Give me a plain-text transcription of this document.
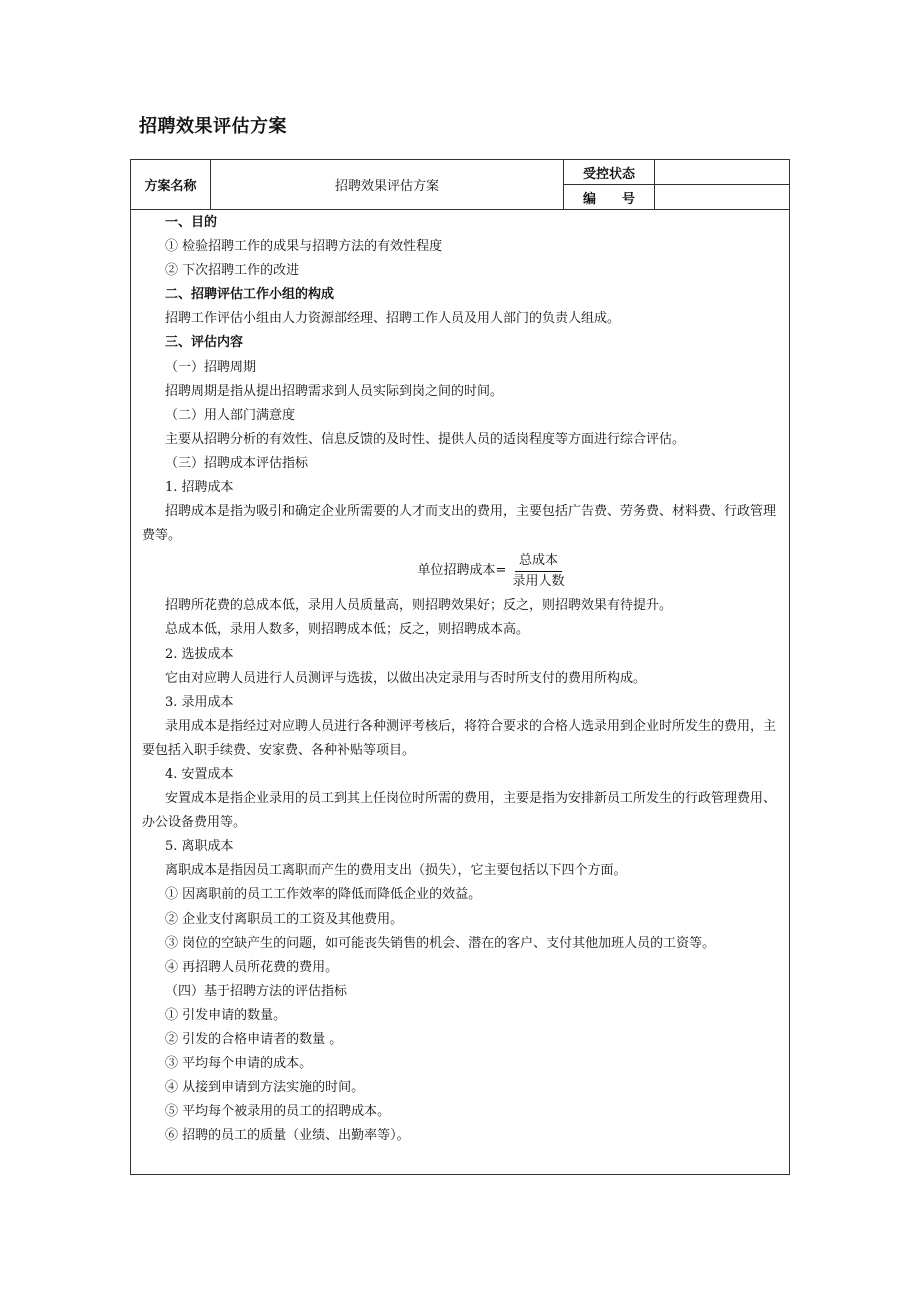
招聘效果评估方案
方案名称	招聘效果评估方案
受控状态
编　　号

一、目的

① 检验招聘工作的成果与招聘方法的有效性程度

② 下次招聘工作的改进

二、招聘评估工作小组的构成

招聘工作评估小组由人力资源部经理、招聘工作人员及用人部门的负责人组成。

三、评估内容

（一）招聘周期

招聘周期是指从提出招聘需求到人员实际到岗之间的时间。

（二）用人部门满意度

主要从招聘分析的有效性、信息反馈的及时性、提供人员的适岗程度等方面进行综合评估。

（三）招聘成本评估指标

1. 招聘成本

招聘成本是指为吸引和确定企业所需要的人才而支出的费用，主要包括广告费、劳务费、材料费、行政管理费等。

单位招聘成本= $\frac{\text{总成本}}{\text{录用人数}}$

招聘所花费的总成本低，录用人员质量高，则招聘效果好；反之，则招聘效果有待提升。

总成本低，录用人数多，则招聘成本低；反之，则招聘成本高。

2. 选拔成本

它由对应聘人员进行人员测评与选拔，以做出决定录用与否时所支付的费用所构成。

3. 录用成本

录用成本是指经过对应聘人员进行各种测评考核后，将符合要求的合格人选录用到企业时所发生的费用，主要包括入职手续费、安家费、各种补贴等项目。

4. 安置成本

安置成本是指企业录用的员工到其上任岗位时所需的费用，主要是指为安排新员工所发生的行政管理费用、办公设备费用等。

5. 离职成本

离职成本是指因员工离职而产生的费用支出（损失），它主要包括以下四个方面。

① 因离职前的员工工作效率的降低而降低企业的效益。

② 企业支付离职员工的工资及其他费用。

③ 岗位的空缺产生的问题，如可能丧失销售的机会、潜在的客户、支付其他加班人员的工资等。

④ 再招聘人员所花费的费用。

（四）基于招聘方法的评估指标

① 引发申请的数量。

② 引发的合格申请者的数量 。

③ 平均每个申请的成本。

④ 从接到申请到方法实施的时间。

⑤ 平均每个被录用的员工的招聘成本。

⑥ 招聘的员工的质量（业绩、出勤率等）。
